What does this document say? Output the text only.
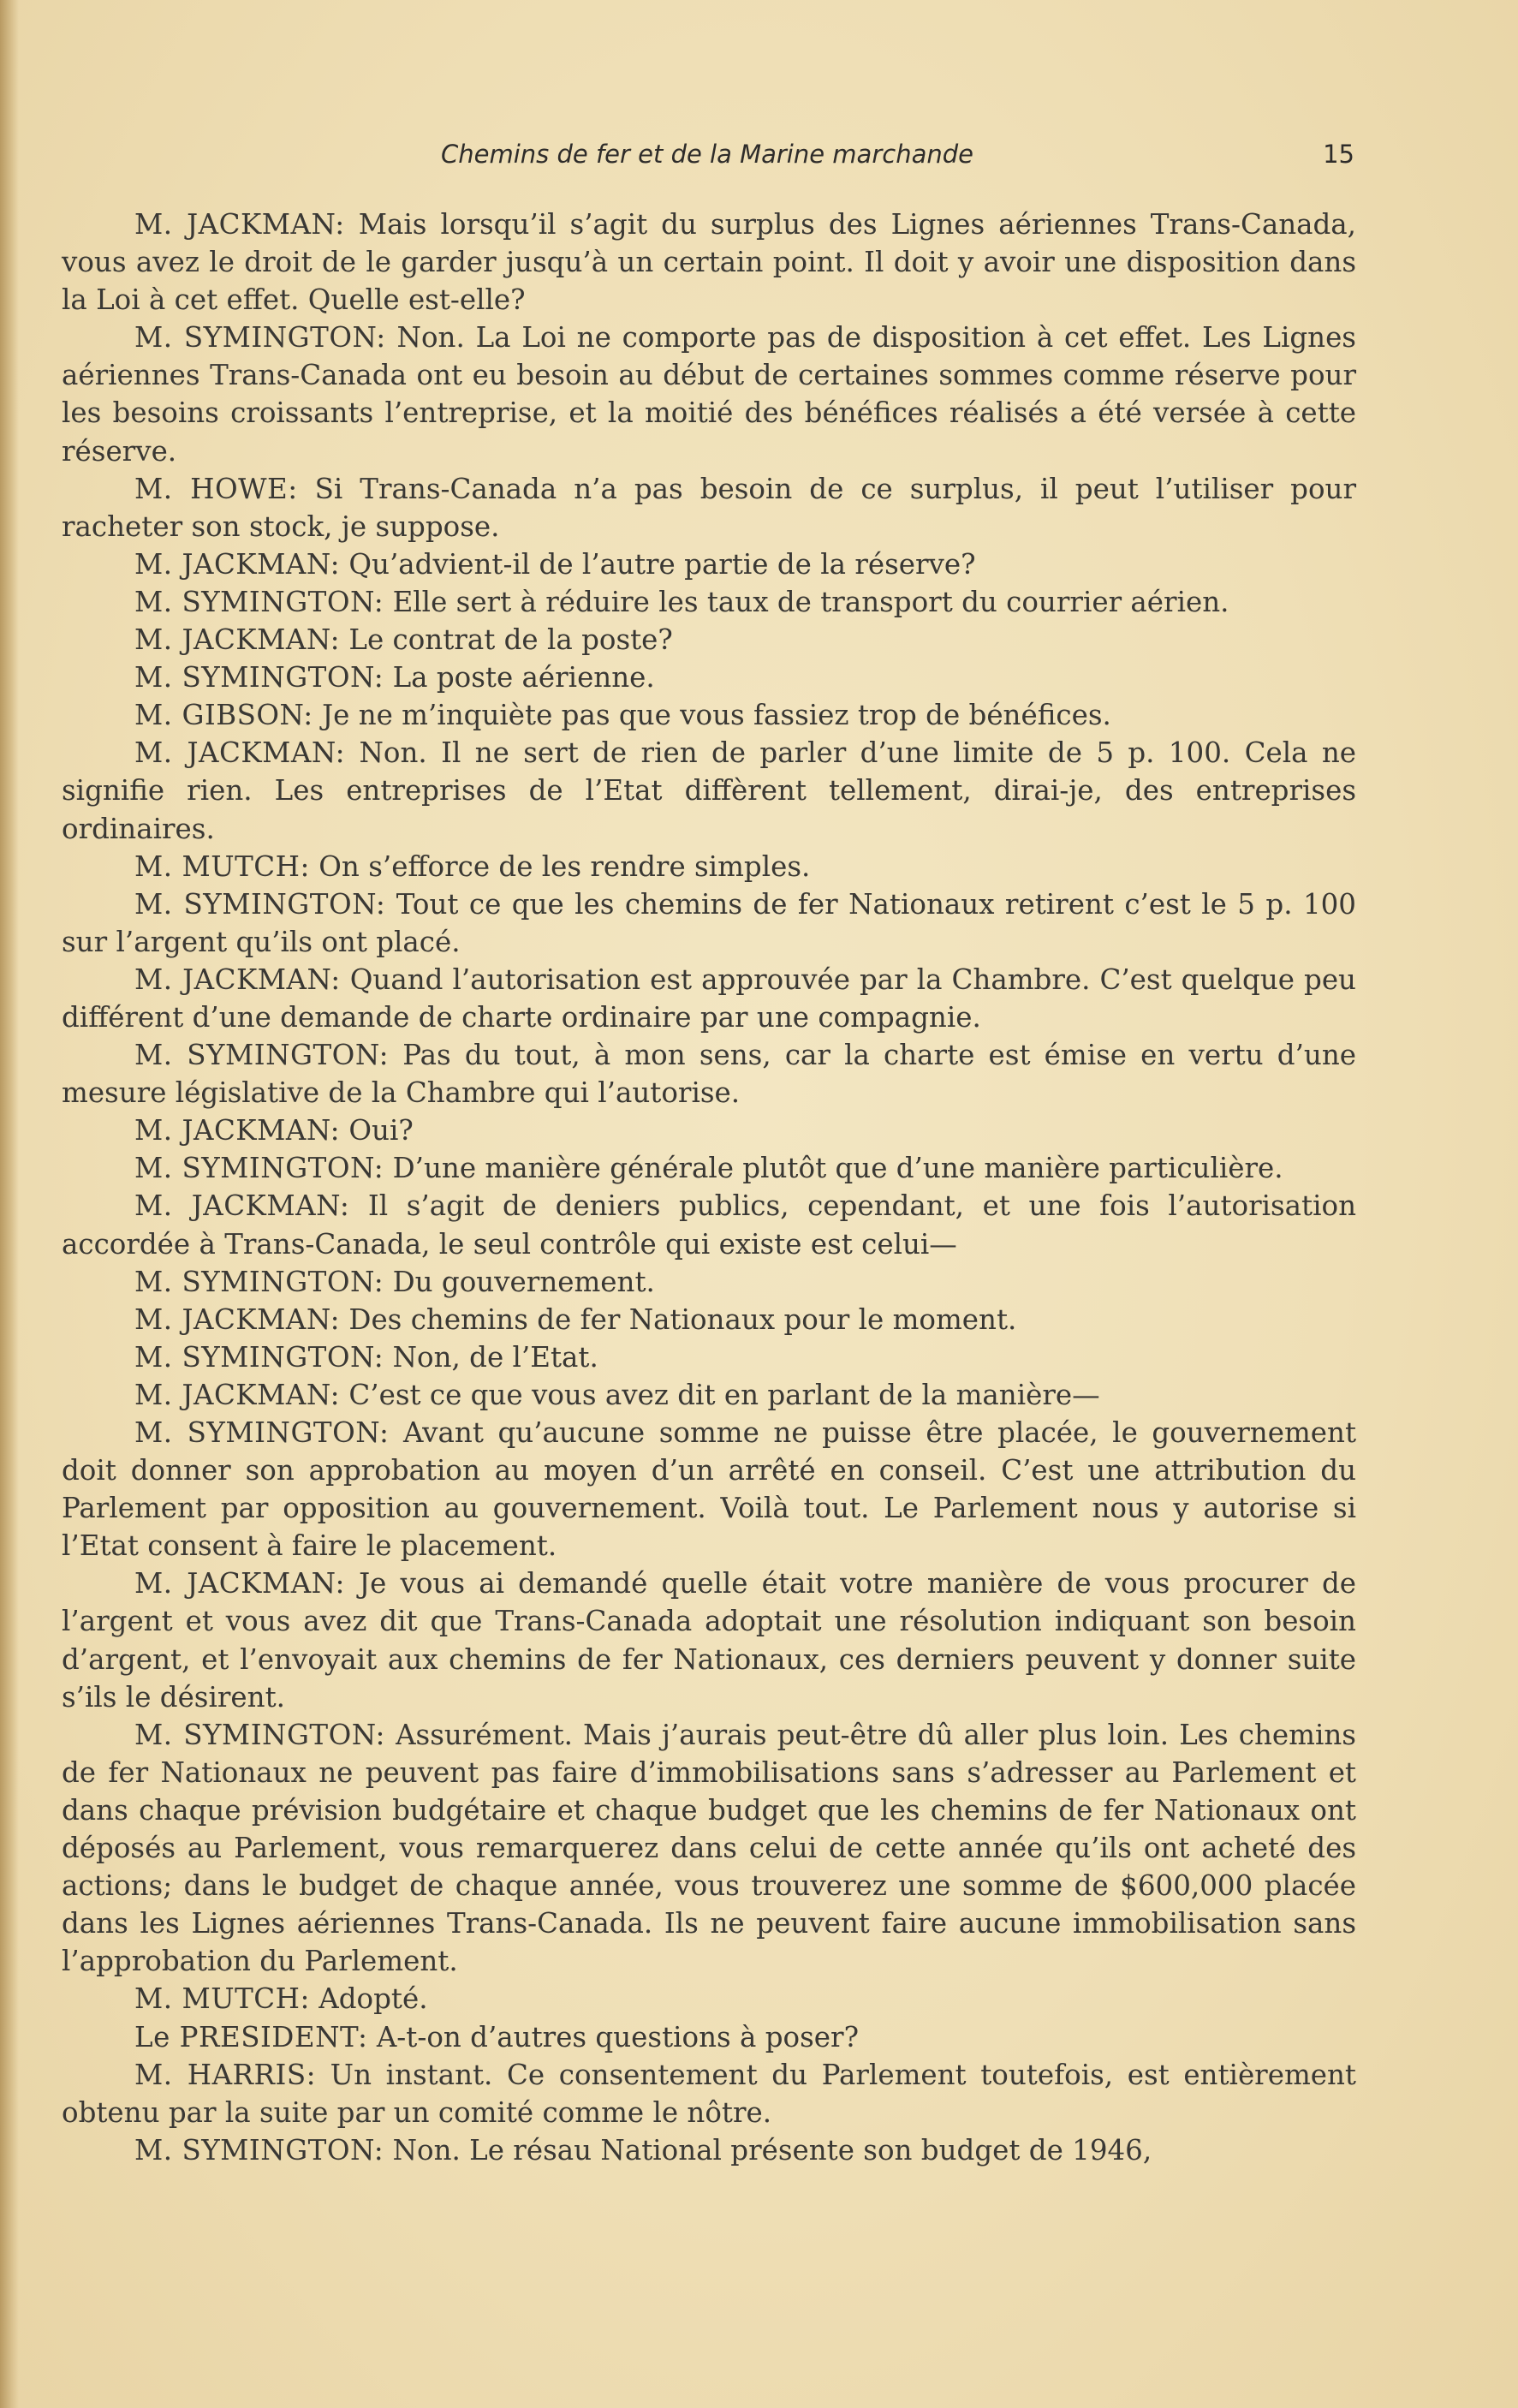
Chemins de fer et de la Marine marchande	15

M. JACKMAN: Mais lorsqu’il s’agit du surplus des Lignes aériennes Trans-Canada, vous avez le droit de le garder jusqu’à un certain point. Il doit y avoir une disposition dans la Loi à cet effet. Quelle est-elle?

M. SYMINGTON: Non. La Loi ne comporte pas de disposition à cet effet. Les Lignes aériennes Trans-Canada ont eu besoin au début de certaines sommes comme réserve pour les besoins croissants l’entreprise, et la moitié des bénéfices réalisés a été versée à cette réserve.

M. HOWE: Si Trans-Canada n’a pas besoin de ce surplus, il peut l’utiliser pour racheter son stock, je suppose.

M. JACKMAN: Qu’advient-il de l’autre partie de la réserve?

M. SYMINGTON: Elle sert à réduire les taux de transport du courrier aérien.

M. JACKMAN: Le contrat de la poste?

M. SYMINGTON: La poste aérienne.

M. GIBSON: Je ne m’inquiète pas que vous fassiez trop de bénéfices.

M. JACKMAN: Non. Il ne sert de rien de parler d’une limite de 5 p. 100. Cela ne signifie rien. Les entreprises de l’Etat diffèrent tellement, dirai-je, des entreprises ordinaires.

M. MUTCH: On s’efforce de les rendre simples.

M. SYMINGTON: Tout ce que les chemins de fer Nationaux retirent c’est le 5 p. 100 sur l’argent qu’ils ont placé.

M. JACKMAN: Quand l’autorisation est approuvée par la Chambre. C’est quelque peu différent d’une demande de charte ordinaire par une compagnie.

M. SYMINGTON: Pas du tout, à mon sens, car la charte est émise en vertu d’une mesure législative de la Chambre qui l’autorise.

M. JACKMAN: Oui?

M. SYMINGTON: D’une manière générale plutôt que d’une manière particulière.

M. JACKMAN: Il s’agit de deniers publics, cependant, et une fois l’autorisation accordée à Trans-Canada, le seul contrôle qui existe est celui—

M. SYMINGTON: Du gouvernement.

M. JACKMAN: Des chemins de fer Nationaux pour le moment.

M. SYMINGTON: Non, de l’Etat.

M. JACKMAN: C’est ce que vous avez dit en parlant de la manière—

M. SYMINGTON: Avant qu’aucune somme ne puisse être placée, le gouvernement doit donner son approbation au moyen d’un arrêté en conseil. C’est une attribution du Parlement par opposition au gouvernement. Voilà tout. Le Parlement nous y autorise si l’Etat consent à faire le placement.

M. JACKMAN: Je vous ai demandé quelle était votre manière de vous procurer de l’argent et vous avez dit que Trans-Canada adoptait une résolution indiquant son besoin d’argent, et l’envoyait aux chemins de fer Nationaux, ces derniers peuvent y donner suite s’ils le désirent.

M. SYMINGTON: Assurément. Mais j’aurais peut-être dû aller plus loin. Les chemins de fer Nationaux ne peuvent pas faire d’immobilisations sans s’adresser au Parlement et dans chaque prévision budgétaire et chaque budget que les chemins de fer Nationaux ont déposés au Parlement, vous remarquerez dans celui de cette année qu’ils ont acheté des actions; dans le budget de chaque année, vous trouverez une somme de $600,000 placée dans les Lignes aériennes Trans-Canada. Ils ne peuvent faire aucune immobilisation sans l’approbation du Parlement.

M. MUTCH: Adopté.

Le PRESIDENT: A-t-on d’autres questions à poser?

M. HARRIS: Un instant. Ce consentement du Parlement toutefois, est entièrement obtenu par la suite par un comité comme le nôtre.

M. SYMINGTON: Non. Le résau National présente son budget de 1946,
